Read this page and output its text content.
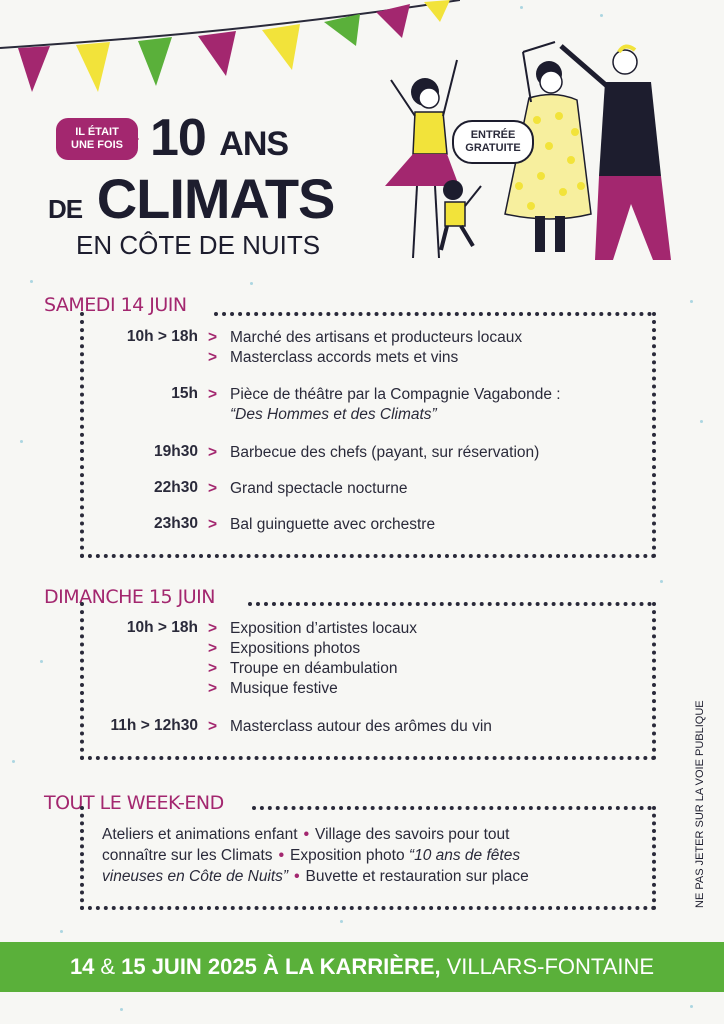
IL ÉTAIT
UNE FOIS 10 ANS
DE CLIMATS
EN CÔTE DE NUITS
ENTRÉE
GRATUITE
SAMEDI 14 JUIN
10h > 18h > Marché des artisans et producteurs locaux
> Masterclass accords mets et vins
15h > Pièce de théâtre par la Compagnie Vagabonde :
“Des Hommes et des Climats”
19h30 > Barbecue des chefs (payant, sur réservation)
22h30 > Grand spectacle nocturne
23h30 > Bal guinguette avec orchestre
DIMANCHE 15 JUIN
10h > 18h > Exposition d’artistes locaux
> Expositions photos
> Troupe en déambulation
> Musique festive
11h > 12h30 > Masterclass autour des arômes du vin
TOUT LE WEEK-END
Ateliers et animations enfant • Village des savoirs pour tout
connaître sur les Climats • Exposition photo “10 ans de fêtes
vineuses en Côte de Nuits” • Buvette et restauration sur place	NE PAS JETER SUR LA VOIE PUBLIQUE
14 & 15 JUIN 2025 À LA KARRIÈRE, VILLARS-FONTAINE
